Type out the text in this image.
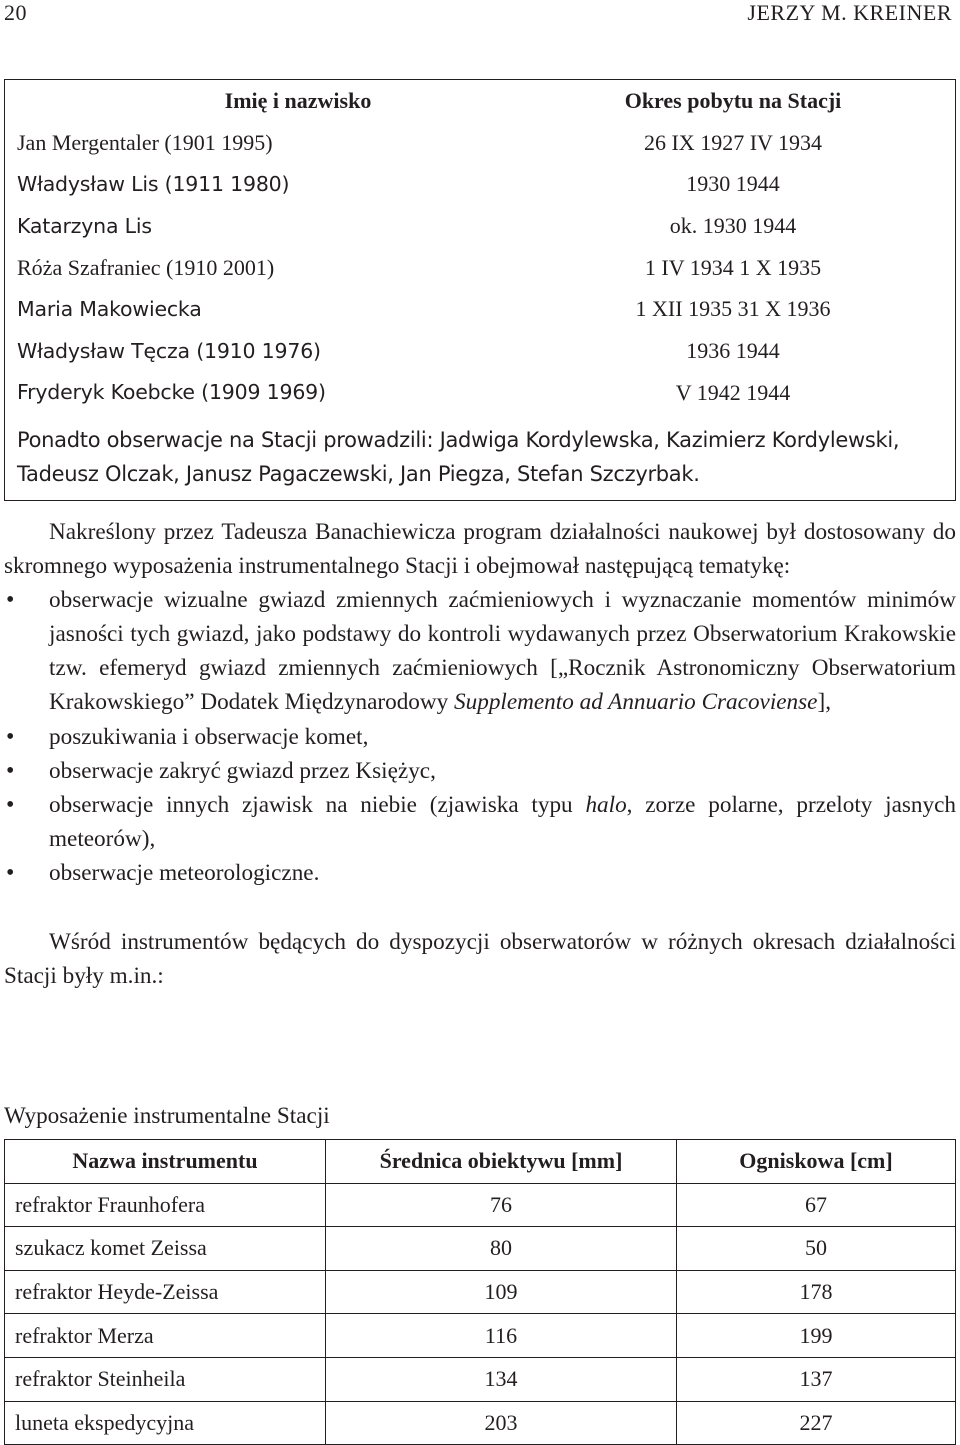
20	JERZY M. KREINER
Imię i nazwisko	Okres pobytu na Stacji
Jan Mergentaler (1901 1995)	26 IX 1927 IV 1934
Władysław Lis (1911 1980)	1930 1944
Katarzyna Lis	ok. 1930 1944
Róża Szafraniec (1910 2001)	1 IV 1934 1 X 1935
Maria Makowiecka	1 XII 1935 31 X 1936
Władysław Tęcza (1910 1976)	1936 1944
Fryderyk Koebcke (1909 1969)	V 1942 1944
Ponadto obserwacje na Stacji prowadzili: Jadwiga Kordylewska, Kazimierz Kordylewski, Tadeusz Olczak, Janusz Pagaczewski, Jan Piegza, Stefan Szczyrbak.	

Nakreślony przez Tadeusza Banachiewicza program działalności naukowej był dostosowany do skromnego wyposażenia instrumentalnego Stacji i obejmował następującą tematykę:

• obserwacje wizualne gwiazd zmiennych zaćmieniowych i wyznaczanie momentów minimów jasności tych gwiazd, jako podstawy do kontroli wydawanych przez Obserwatorium Krakowskie tzw. efemeryd gwiazd zmiennych zaćmieniowych [„Rocznik Astronomiczny Obserwatorium Krakowskiego” Dodatek Międzynarodowy Supplemento ad Annuario Cracoviense],
• poszukiwania i obserwacje komet,
• obserwacje zakryć gwiazd przez Księżyc,
• obserwacje innych zjawisk na niebie (zjawiska typu halo, zorze polarne, przeloty jasnych meteorów),
• obserwacje meteorologiczne.

Wśród instrumentów będących do dyspozycji obserwatorów w różnych okresach działalności Stacji były m.in.:

Wyposażenie instrumentalne Stacji
Nazwa instrumentu	Średnica obiektywu [mm]	Ogniskowa [cm]
refraktor Fraunhofera	76	67
szukacz komet Zeissa	80	50
refraktor Heyde-Zeissa	109	178
refraktor Merza	116	199
refraktor Steinheila	134	137
luneta ekspedycyjna	203	227
